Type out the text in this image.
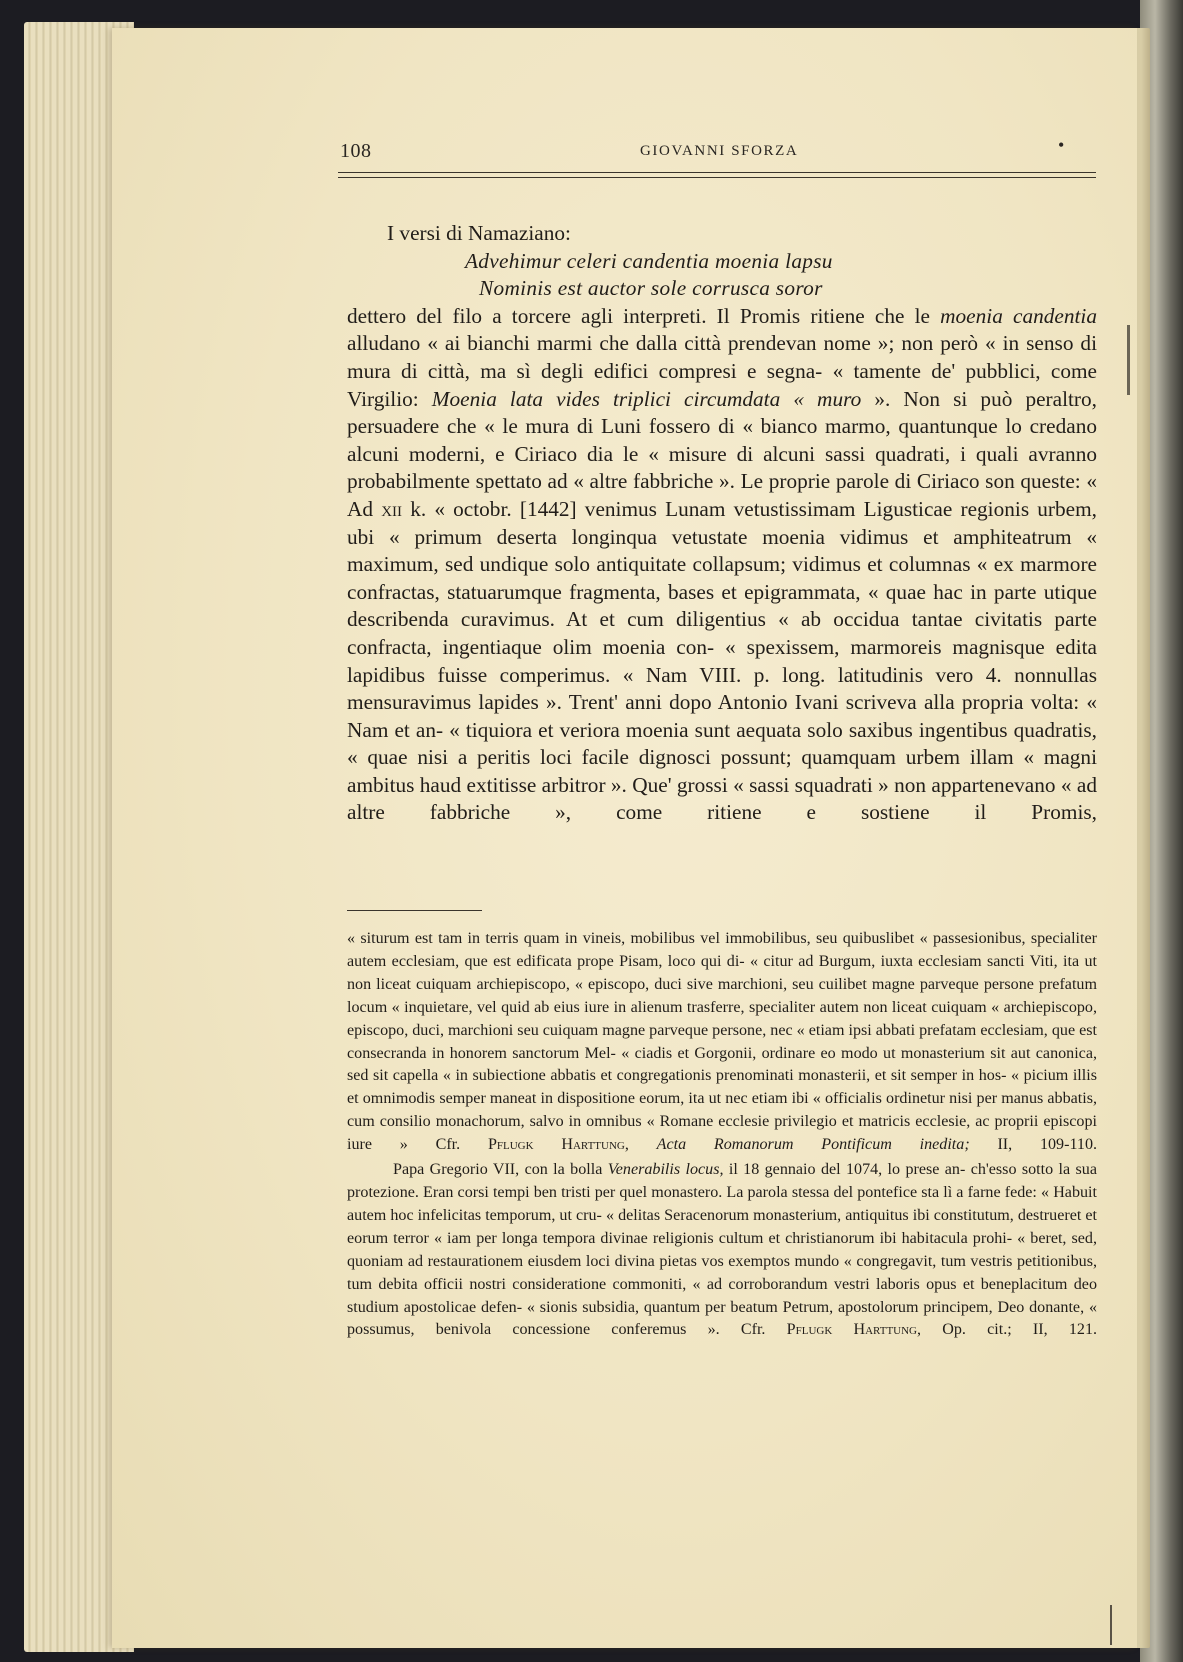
108	GIOVANNI SFORZA	•

I versi di Namaziano:

Advehimur celeri candentia moenia lapsu

Nominis est auctor sole corrusca soror

dettero del filo a torcere agli interpreti. Il Promis ritiene che le moenia candentia alludano « ai bianchi marmi che dalla città prendevan nome »; non però « in senso di mura di città, ma sì degli edifici compresi e segna- « tamente de' pubblici, come Virgilio: Moenia lata vides triplici circumdata « muro ». Non si può peraltro, persuadere che « le mura di Luni fossero di « bianco marmo, quantunque lo credano alcuni moderni, e Ciriaco dia le « misure di alcuni sassi quadrati, i quali avranno probabilmente spettato ad « altre fabbriche ». Le proprie parole di Ciriaco son queste: « Ad xii k. « octobr. [1442] venimus Lunam vetustissimam Ligusticae regionis urbem, ubi « primum deserta longinqua vetustate moenia vidimus et amphiteatrum « maximum, sed undique solo antiquitate collapsum; vidimus et columnas « ex marmore confractas, statuarumque fragmenta, bases et epigrammata, « quae hac in parte utique describenda curavimus. At et cum diligentius « ab occidua tantae civitatis parte confracta, ingentiaque olim moenia con- « spexissem, marmoreis magnisque edita lapidibus fuisse comperimus. « Nam VIII. p. long. latitudinis vero 4. nonnullas mensuravimus lapides ». Trent' anni dopo Antonio Ivani scriveva alla propria volta: « Nam et an- « tiquiora et veriora moenia sunt aequata solo saxibus ingentibus quadratis, « quae nisi a peritis loci facile dignosci possunt; quamquam urbem illam « magni ambitus haud extitisse arbitror ». Que' grossi « sassi squadrati » non appartenevano « ad altre fabbriche », come ritiene e sostiene il Promis,

« siturum est tam in terris quam in vineis, mobilibus vel immobilibus, seu quibuslibet « passesionibus, specialiter autem ecclesiam, que est edificata prope Pisam, loco qui di- « citur ad Burgum, iuxta ecclesiam sancti Viti, ita ut non liceat cuiquam archiepiscopo, « episcopo, duci sive marchioni, seu cuilibet magne parveque persone prefatum locum « inquietare, vel quid ab eius iure in alienum trasferre, specialiter autem non liceat cuiquam « archiepiscopo, episcopo, duci, marchioni seu cuiquam magne parveque persone, nec « etiam ipsi abbati prefatam ecclesiam, que est consecranda in honorem sanctorum Mel- « ciadis et Gorgonii, ordinare eo modo ut monasterium sit aut canonica, sed sit capella « in subiectione abbatis et congregationis prenominati monasterii, et sit semper in hos- « picium illis et omnimodis semper maneat in dispositione eorum, ita ut nec etiam ibi « officialis ordinetur nisi per manus abbatis, cum consilio monachorum, salvo in omnibus « Romane ecclesie privilegio et matricis ecclesie, ac proprii episcopi iure » Cfr. Pflugk Harttung, Acta Romanorum Pontificum inedita; II, 109-110.

Papa Gregorio VII, con la bolla Venerabilis locus, il 18 gennaio del 1074, lo prese an- ch'esso sotto la sua protezione. Eran corsi tempi ben tristi per quel monastero. La parola stessa del pontefice sta lì a farne fede: « Habuit autem hoc infelicitas temporum, ut cru- « delitas Seracenorum monasterium, antiquitus ibi constitutum, destrueret et eorum terror « iam per longa tempora divinae religionis cultum et christianorum ibi habitacula prohi- « beret, sed, quoniam ad restaurationem eiusdem loci divina pietas vos exemptos mundo « congregavit, tum vestris petitionibus, tum debita officii nostri consideratione commoniti, « ad corroborandum vestri laboris opus et beneplacitum deo studium apostolicae defen- « sionis subsidia, quantum per beatum Petrum, apostolorum principem, Deo donante, « possumus, benivola concessione conferemus ». Cfr. Pflugk Harttung, Op. cit.; II, 121.
